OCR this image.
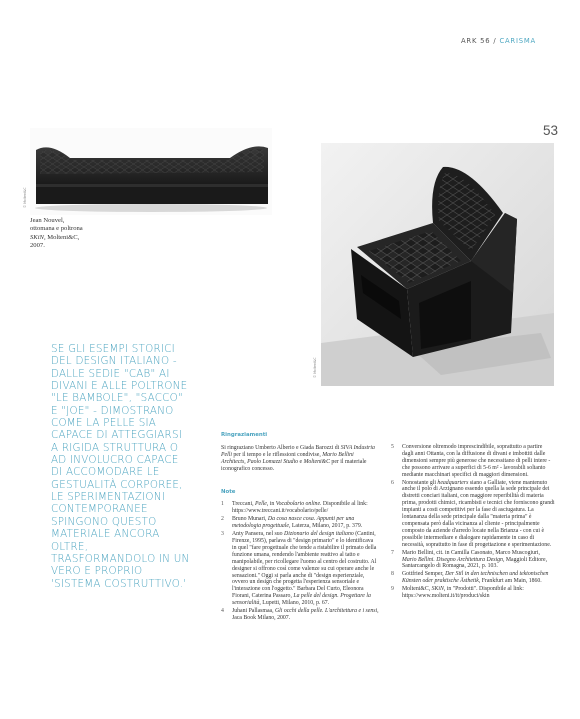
ARK 56 / CARISMA
53
© Molteni&C
Jean Nouvel,
ottomana e poltrona
SKiN, Molteni&C,
2007.
© Molteni&C

SE GLI ESEMPI STORICI DEL DESIGN ITALIANO - DALLE SEDIE "CAB" AI DIVANI E ALLE POLTRONE "LE BAMBOLE", "SACCO" E "JOE" - DIMOSTRANO COME LA PELLE SIA CAPACE DI ATTEGGIARSI A RIGIDA STRUTTURA O AD INVOLUCRO CAPACE DI ACCOMODARE LE GESTUALITÀ CORPOREE, LE SPERIMENTAZIONI CONTEMPORANEE SPINGONO QUESTO MATERIALE ANCORA OLTRE, TRASFORMANDOLO IN UN VERO E PROPRIO 'SISTEMA COSTRUTTIVO.'

Ringraziamenti

Si ringraziano Umberto Alberio e Giada Barozzi di SIVA Industria Pelli per il tempo e le riflessioni condivise, Mario Bellini Architects, Paolo Lomazzi Studio e Molteni&C per il materiale iconografico concesso.

Note
1 Treccani, Pelle, in Vocabolario online. Disponibile al link: https://www.treccani.it/vocabolario/pelle/
2 Bruno Munari, Da cosa nasce cosa. Appunti per una metodologia progettuale, Laterza, Milano, 2017, p. 379.
3 Anty Pansera, nel suo Dizionario del design italiano (Cantini, Firenze, 1995), parlava di "design primario" e lo identificava in quel "fare progettuale che tende a ristabilire il primato della funzione umana, rendendo l'ambiente reattivo al tatto e manipolabile, per ricollegare l'uomo al centro del costruito. Al designer si offrono così come valenze su cui operare anche le sensazioni." Oggi si parla anche di "design esperienziale, ovvero un design che progetta l'esperienza sensoriale e l'interazione con l'oggetto." Barbara Del Curto, Eleonora Fiorani, Caterina Passaro, La pelle del design. Progettare la sensorialità, Lupetti, Milano, 2010, p. 67.
4 Juhani Pallasmaa, Gli occhi della pelle. L'architettura e i sensi, Jaca Book Milano, 2007.
5 Conversione oltremodo imprescindibile, soprattutto a partire dagli anni Ottanta, con la diffusione di divani e imbottiti dalle dimensioni sempre più generose che necessitano di pelli intere - che possono arrivare a superfici di 5-6 m² - lavorabili soltanto mediante macchinari specifici di maggiori dimensioni.
6 Nonostante gli headquarters siano a Galliate, viene mantenuto anche il polo di Arzignano essendo quella la sede principale dei distretti conciari italiani, con maggiore reperibilità di materia prima, prodotti chimici, ricambisti e tecnici che forniscono grandi impianti a costi competitivi per la fase di asciugatura. La lontananza della sede principale dalla "materia prima" è compensata però dalla vicinanza al cliente - principalmente composto da aziende d'arredo locate nella Brianza - con cui è possibile intermediare e dialogare rapidamente in caso di necessità, soprattutto in fase di progettazione e sperimentazione.
7 Mario Bellini, cit. in Camilla Casonato, Marco Muscogiuri, Mario Bellini. Disegno Architettura Design, Maggioli Editore, Santarcangelo di Romagna, 2021, p. 103.
8 Gottfried Semper, Der Stil in den technischen und tektonischen Künsten oder praktische Ästhetik, Frankfurt am Main, 1860.
9 Molteni&C, SKiN, in "Prodotti". Disponibile al link: https://www.molteni.it/it/product/skin
